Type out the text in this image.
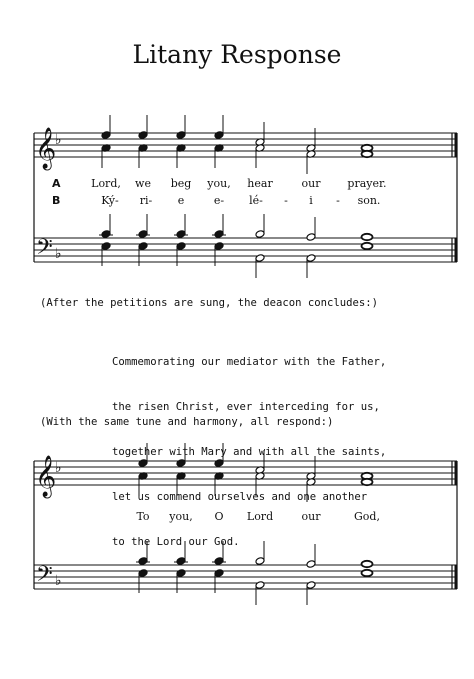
Litany Response
𝄞
♭
𝄢 ♭
𝄞
♭
𝄢 ♭
A
B
Lord, we beg you, hear	our prayer.
Ký- ri- e	e- lé- - i - son.
(After the petitions are sung, the deacon concludes:)

Commemorating our mediator with the Father,

the risen Christ, ever interceding for us,

together with Mary and with all the saints,

let us commend ourselves and one another

to the Lord our God.

(With the same tune and harmony, all respond:)
To you, O Lord	our	God,
